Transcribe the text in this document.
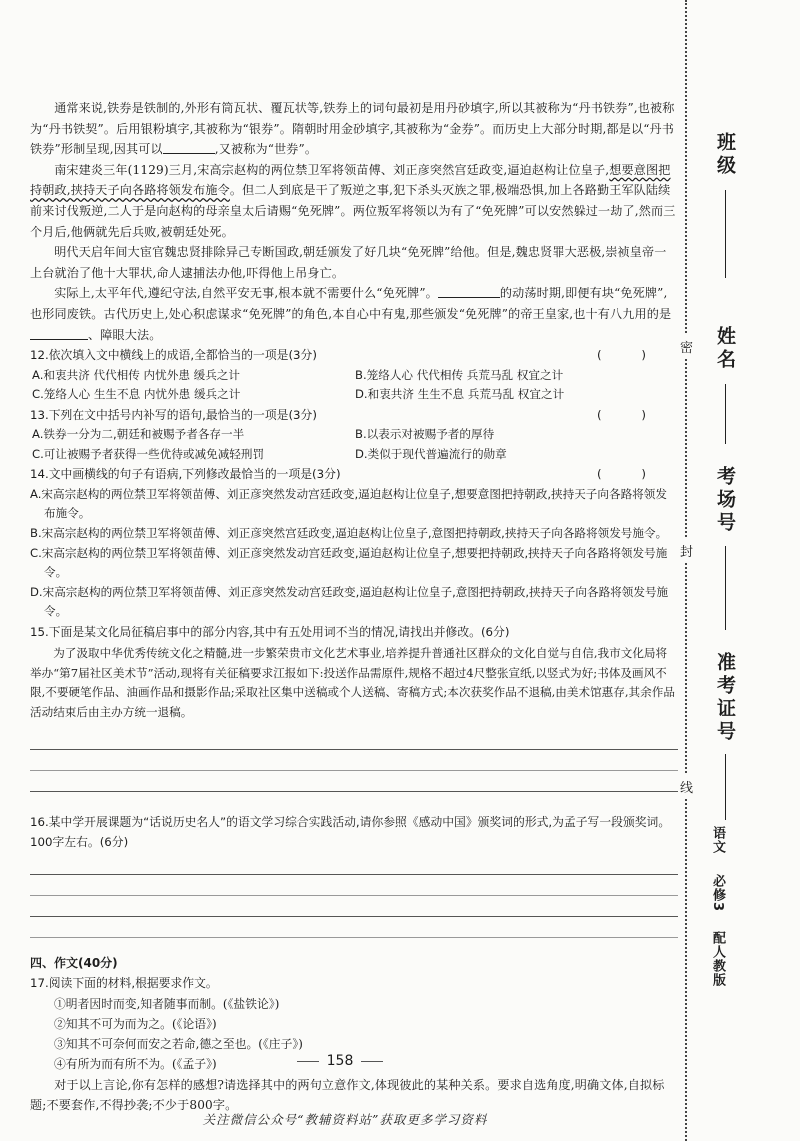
通常来说,铁券是铁制的,外形有筒瓦状、覆瓦状等,铁券上的词句最初是用丹砂填字,所以其被称为“丹书铁券”,也被称为“丹书铁契”。后用银粉填字,其被称为“银券”。隋朝时用金砂填字,其被称为“金券”。而历史上大部分时期,都是以“丹书铁券”形制呈现,因其可以	,又被称为“世券”。

南宋建炎三年(1129)三月,宋高宗赵构的两位禁卫军将领苗傅、刘正彦突然宫廷政变,逼迫赵构让位皇子,想要意图把持朝政,挟持天子向各路将领发布施令。但二人到底是干了叛逆之事,犯下杀头灭族之罪,极端恐惧,加上各路勤王军队陆续前来讨伐叛逆,二人于是向赵构的母亲皇太后请赐“免死牌”。两位叛军将领以为有了“免死牌”可以安然躲过一劫了,然而三个月后,他俩就先后兵败,被朝廷处死。

明代天启年间大宦官魏忠贤排除异己专断国政,朝廷颁发了好几块“免死牌”给他。但是,魏忠贤罪大恶极,崇祯皇帝一上台就治了他十大罪状,命人逮捕法办他,吓得他上吊身亡。

实际上,太平年代,遵纪守法,自然平安无事,根本就不需要什么“免死牌”。	的动荡时期,即便有块“免死牌”,也形同废铁。古代历史上,处心积虑谋求“免死牌”的角色,本自心中有鬼,那些颁发“免死牌”的帝王皇家,也十有八九用的是、障眼大法。

12.依次填入文中横线上的成语,全都恰当的一项是(3分)	( )

A.和衷共济 代代相传 内忧外患 缓兵之计	B.笼络人心 代代相传 兵荒马乱 权宜之计
C.笼络人心 生生不息 内忧外患 缓兵之计	D.和衷共济 生生不息 兵荒马乱 权宜之计

13.下列在文中括号内补写的语句,最恰当的一项是(3分)	( )

A.铁券一分为二,朝廷和被赐予者各存一半	B.以表示对被赐予者的厚待
C.可让被赐予者获得一些优待或减免减轻刑罚	D.类似于现代普遍流行的勋章

14.文中画横线的句子有语病,下列修改最恰当的一项是(3分)	( )

A.宋高宗赵构的两位禁卫军将领苗傅、刘正彦突然发动宫廷政变,逼迫赵构让位皇子,想要意图把持朝政,挟持天子向各路将领发布施令。

B.宋高宗赵构的两位禁卫军将领苗傅、刘正彦突然宫廷政变,逼迫赵构让位皇子,意图把持朝政,挟持天子向各路将领发号施令。

C.宋高宗赵构的两位禁卫军将领苗傅、刘正彦突然发动宫廷政变,逼迫赵构让位皇子,想要把持朝政,挟持天子向各路将领发号施令。

D.宋高宗赵构的两位禁卫军将领苗傅、刘正彦突然发动宫廷政变,逼迫赵构让位皇子,意图把持朝政,挟持天子向各路将领发号施令。

15.下面是某文化局征稿启事中的部分内容,其中有五处用词不当的情况,请找出并修改。(6分)

为了汲取中华优秀传统文化之精髓,进一步繁荣贵市文化艺术事业,培养提升普通社区群众的文化自觉与自信,我市文化局将举办“第7届社区美术节”活动,现将有关征稿要求江报如下:投送作品需原件,规格不超过4尺整张宣纸,以竖式为好;书体及画风不限,不要硬笔作品、油画作品和摄影作品;采取社区集中送稿或个人送稿、寄稿方式;本次获奖作品不退稿,由美术馆惠存,其余作品活动结束后由主办方统一退稿。

16.某中学开展课题为“话说历史名人”的语文学习综合实践活动,请你参照《感动中国》颁奖词的形式,为孟子写一段颁奖词。100字左右。(6分)

四、作文(40分)

17.阅读下面的材料,根据要求作文。

①明者因时而变,知者随事而制。(《盐铁论》)

②知其不可为而为之。(《论语》)

③知其不可奈何而安之若命,德之至也。(《庄子》)

④有所为而有所不为。(《孟子》)

对于以上言论,你有怎样的感想?请选择其中的两句立意作文,体现彼此的某种关系。要求自选角度,明确文体,自拟标题;不要套作,不得抄袭;不少于800字。

158
关注微信公众号“教辅资料站”获取更多学习资料
班级
姓名
考场号
准考证号
密
封
线
语文 必修3 配人教版
